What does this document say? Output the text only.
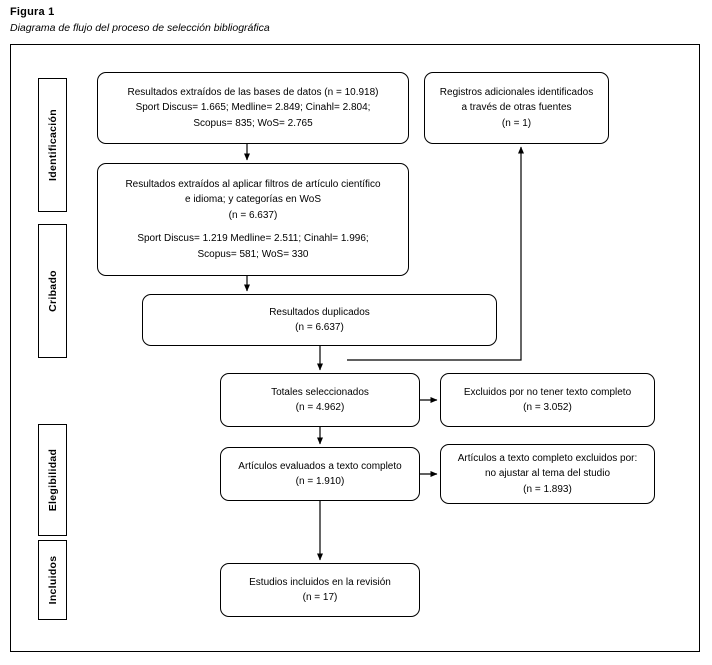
Figura 1
Diagrama de flujo del proceso de selección bibliográfica
Identificación
Cribado
Elegibilidad
Incluidos
Resultados extraídos de las bases de datos (n = 10.918)
Sport Discus= 1.665; Medline= 2.849; Cinahl= 2.804;
Scopus= 835; WoS= 2.765
Registros adicionales identificados
a través de otras fuentes
(n = 1)
Resultados extraídos al aplicar filtros de artículo científico
e idioma; y categorías en WoS
(n = 6.637)
Sport Discus= 1.219 Medline= 2.511; Cinahl= 1.996;
Scopus= 581; WoS= 330
Resultados duplicados
(n = 6.637)
Totales seleccionados
(n = 4.962)
Excluidos por no tener texto completo
(n = 3.052)
Artículos evaluados a texto completo
(n = 1.910)
Artículos a texto completo excluidos por:
no ajustar al tema del studio
(n = 1.893)
Estudios incluidos en la revisión
(n = 17)
